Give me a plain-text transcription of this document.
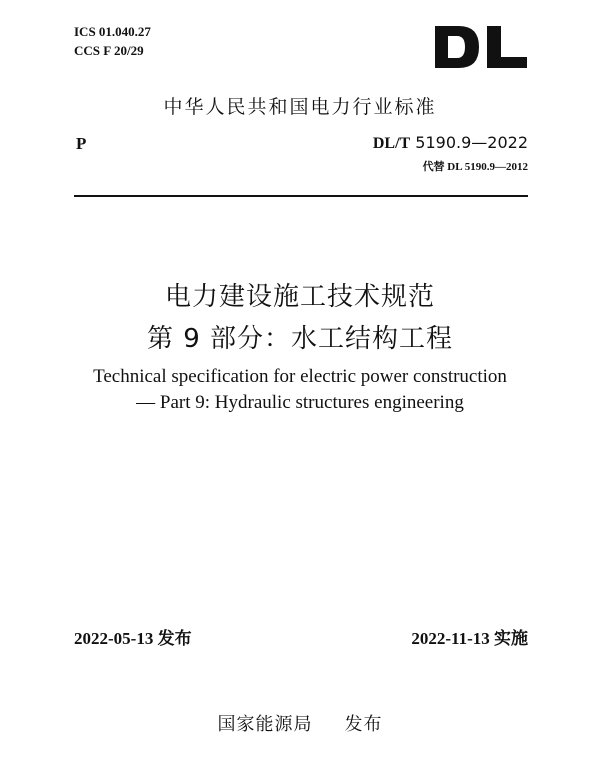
ICS 01.040.27
CCS F 20/29
中华人民共和国电力行业标准
P	DL/T 5190.9—2022
代替 DL 5190.9—2012
电力建设施工技术规范
第 9 部分：水工结构工程
Technical specification for electric power construction
— Part 9: Hydraulic structures engineering
2022-05-13 发布	2022-11-13 实施
国家能源局 发布
